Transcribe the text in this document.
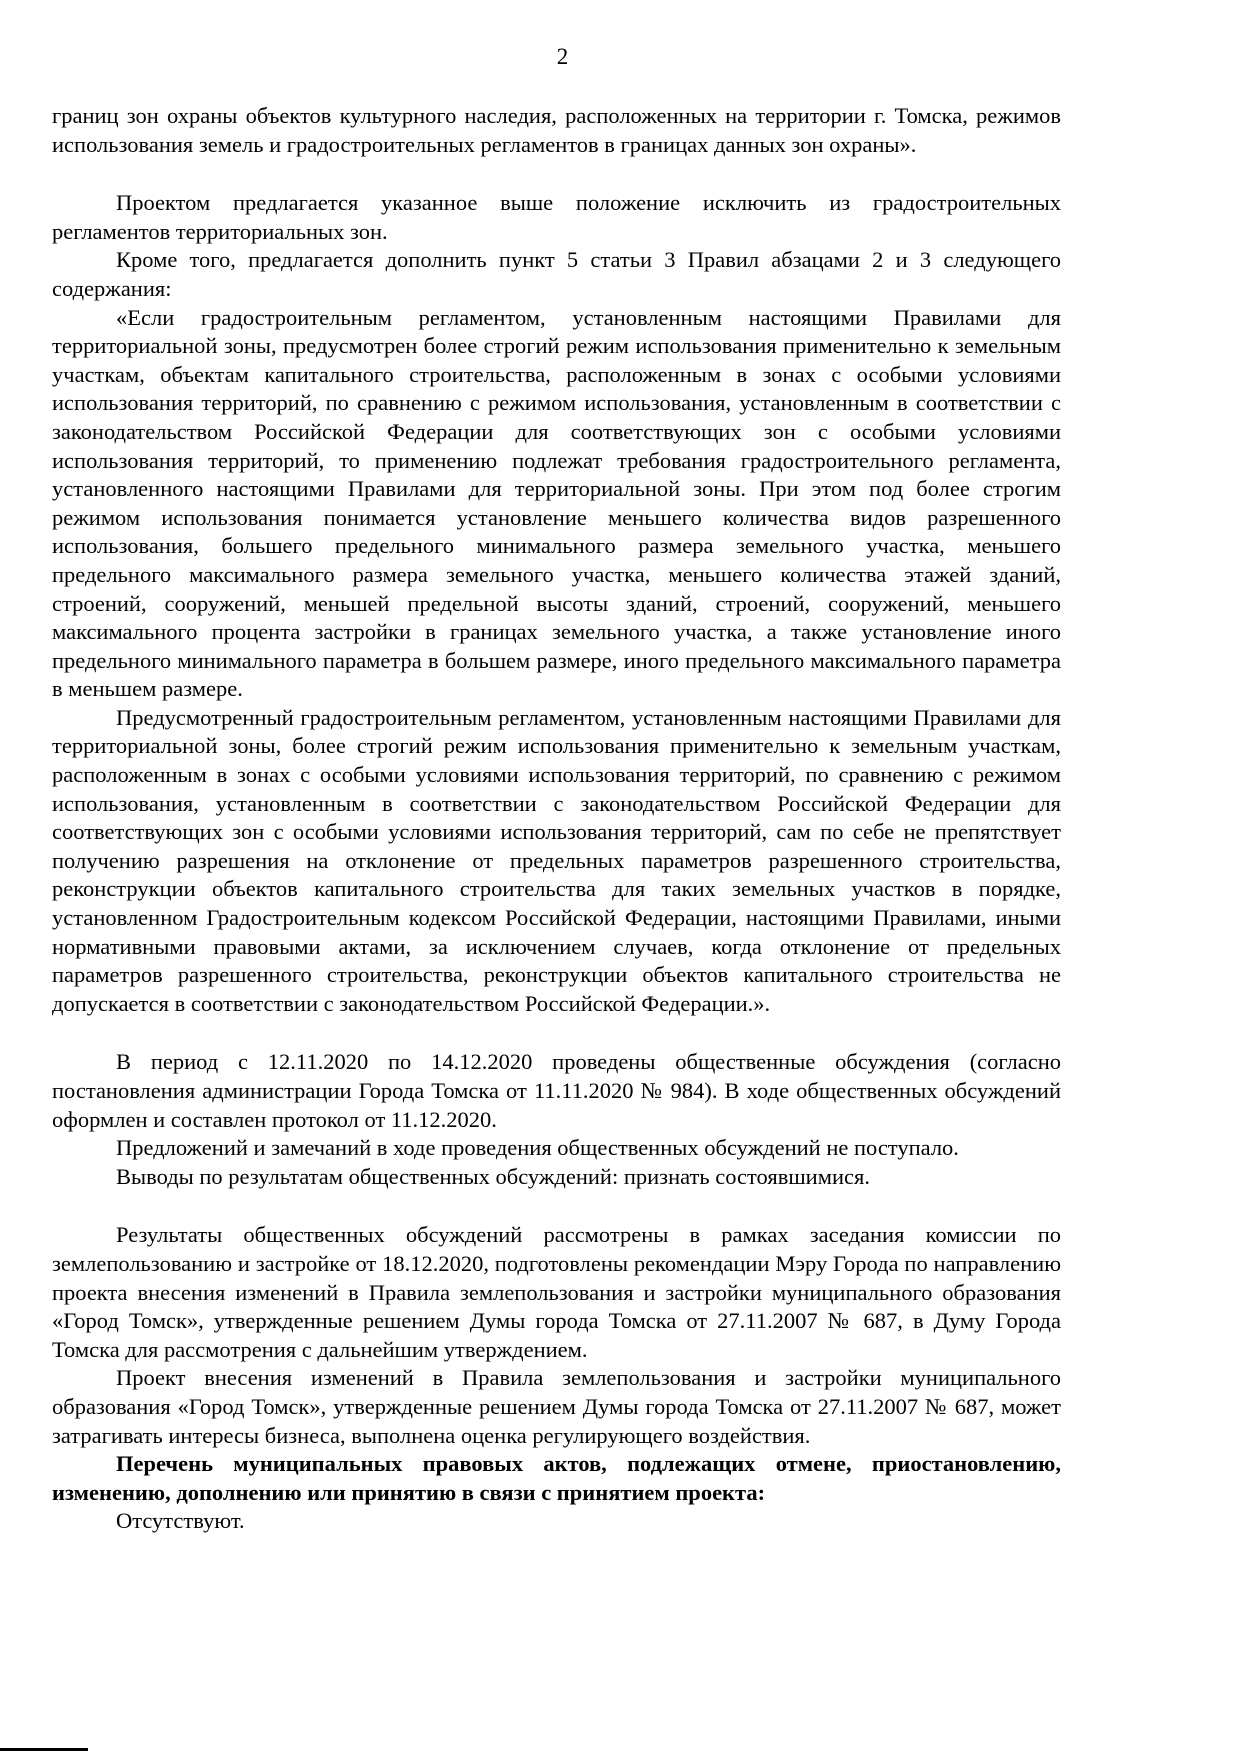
2

границ зон охраны объектов культурного наследия, расположенных на территории г. Томска, режимов использования земель и градостроительных регламентов в границах данных зон охраны».

Проектом предлагается указанное выше положение исключить из градостроительных регламентов территориальных зон.

Кроме того, предлагается дополнить пункт 5 статьи 3 Правил абзацами 2 и 3 следующего содержания:

«Если градостроительным регламентом, установленным настоящими Правилами для территориальной зоны, предусмотрен более строгий режим использования применительно к земельным участкам, объектам капитального строительства, расположенным в зонах с особыми условиями использования территорий, по сравнению с режимом использования, установленным в соответствии с законодательством Российской Федерации для соответствующих зон с особыми условиями использования территорий, то применению подлежат требования градостроительного регламента, установленного настоящими Правилами для территориальной зоны. При этом под более строгим режимом использования понимается установление меньшего количества видов разрешенного использования, большего предельного минимального размера земельного участка, меньшего предельного максимального размера земельного участка, меньшего количества этажей зданий, строений, сооружений, меньшей предельной высоты зданий, строений, сооружений, меньшего максимального процента застройки в границах земельного участка, а также установление иного предельного минимального параметра в большем размере, иного предельного максимального параметра в меньшем размере.

Предусмотренный градостроительным регламентом, установленным настоящими Правилами для территориальной зоны, более строгий режим использования применительно к земельным участкам, расположенным в зонах с особыми условиями использования территорий, по сравнению с режимом использования, установленным в соответствии с законодательством Российской Федерации для соответствующих зон с особыми условиями использования территорий, сам по себе не препятствует получению разрешения на отклонение от предельных параметров разрешенного строительства, реконструкции объектов капитального строительства для таких земельных участков в порядке, установленном Градостроительным кодексом Российской Федерации, настоящими Правилами, иными нормативными правовыми актами, за исключением случаев, когда отклонение от предельных параметров разрешенного строительства, реконструкции объектов капитального строительства не допускается в соответствии с законодательством Российской Федерации.».

В период с 12.11.2020 по 14.12.2020 проведены общественные обсуждения (согласно постановления администрации Города Томска от 11.11.2020 № 984). В ходе общественных обсуждений оформлен и составлен протокол от 11.12.2020.

Предложений и замечаний в ходе проведения общественных обсуждений не поступало.

Выводы по результатам общественных обсуждений: признать состоявшимися.

Результаты общественных обсуждений рассмотрены в рамках заседания комиссии по землепользованию и застройке от 18.12.2020, подготовлены рекомендации Мэру Города по направлению проекта внесения изменений в Правила землепользования и застройки муниципального образования «Город Томск», утвержденные решением Думы города Томска от 27.11.2007 № 687, в Думу Города Томска для рассмотрения с дальнейшим утверждением.

Проект внесения изменений в Правила землепользования и застройки муниципального образования «Город Томск», утвержденные решением Думы города Томска от 27.11.2007 № 687, может затрагивать интересы бизнеса, выполнена оценка регулирующего воздействия.

Перечень муниципальных правовых актов, подлежащих отмене, приостановлению, изменению, дополнению или принятию в связи с принятием проекта:

Отсутствуют.
